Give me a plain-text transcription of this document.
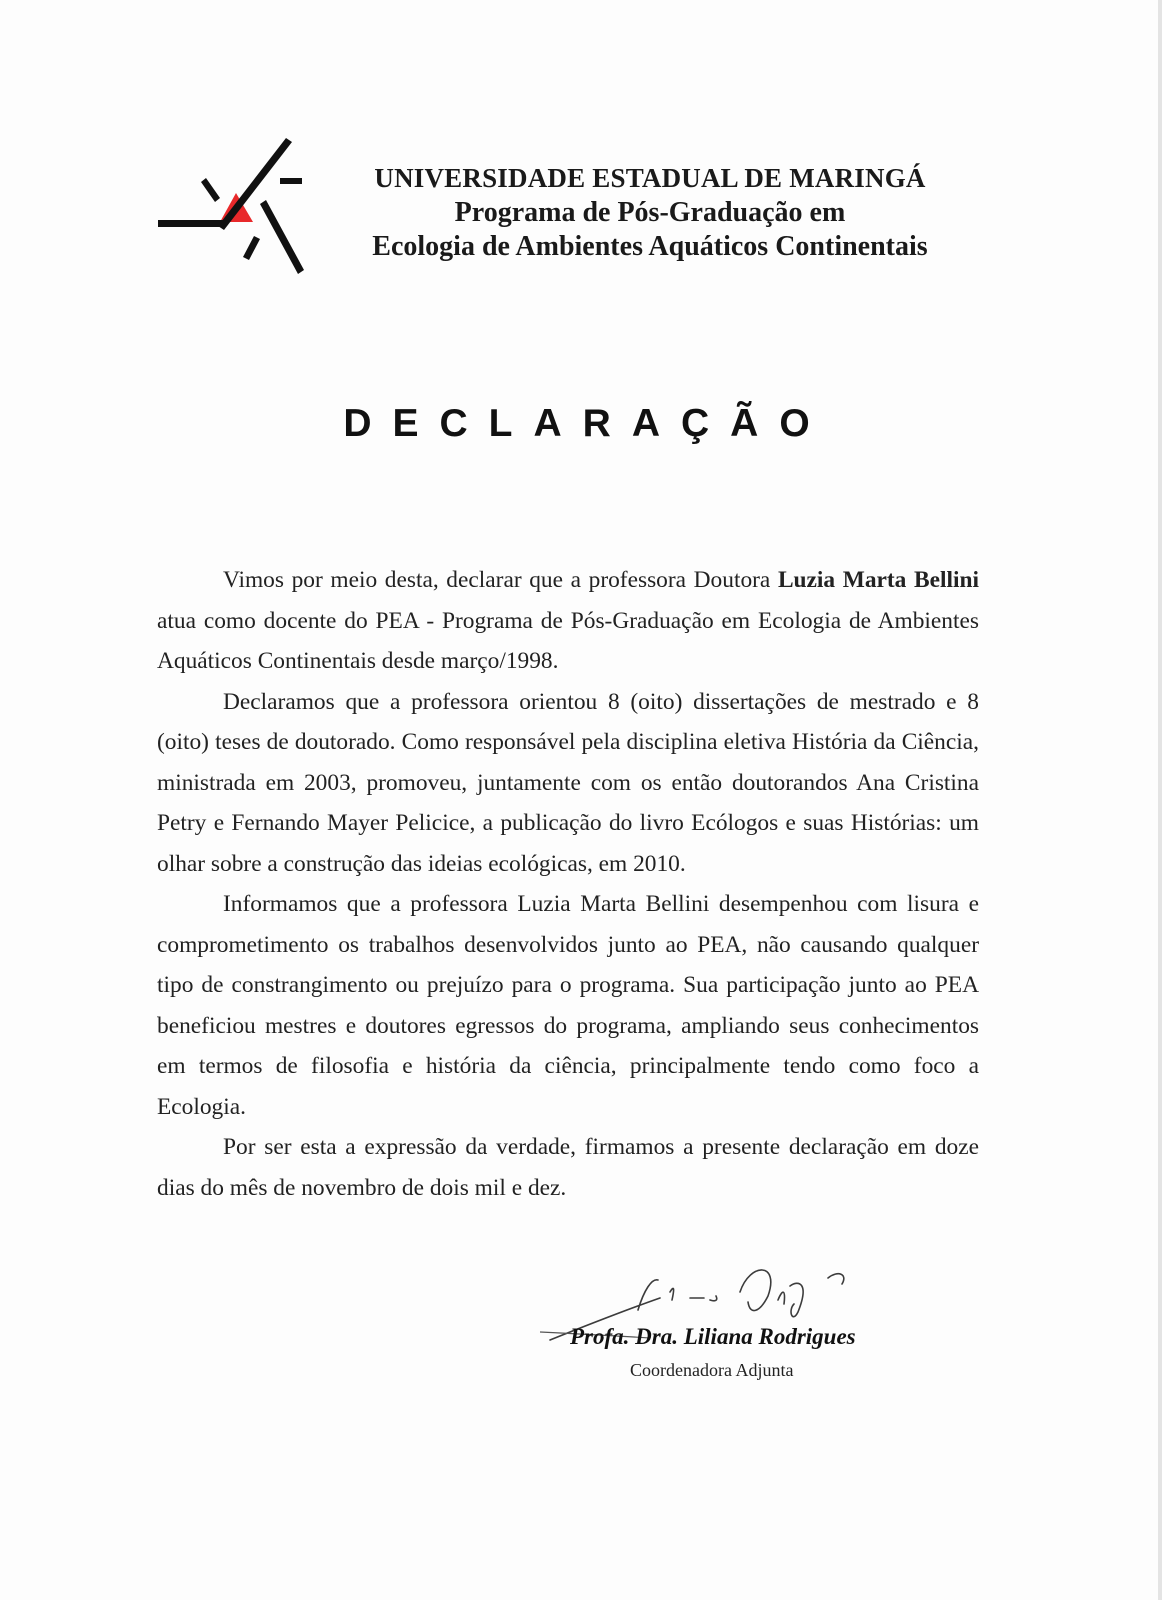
UNIVERSIDADE ESTADUAL DE MARINGÁ
Programa de Pós-Graduação em
Ecologia de Ambientes Aquáticos Continentais
DECLARAÇÃO

Vimos por meio desta, declarar que a professora Doutora Luzia Marta Bellini atua como docente do PEA - Programa de Pós-Graduação em Ecologia de Ambientes Aquáticos Continentais desde março/1998.

Declaramos que a professora orientou 8 (oito) dissertações de mestrado e 8 (oito) teses de doutorado. Como responsável pela disciplina eletiva História da Ciência, ministrada em 2003, promoveu, juntamente com os então doutorandos Ana Cristina Petry e Fernando Mayer Pelicice, a publicação do livro Ecólogos e suas Histórias: um olhar sobre a construção das ideias ecológicas, em 2010.

Informamos que a professora Luzia Marta Bellini desempenhou com lisura e comprometimento os trabalhos desenvolvidos junto ao PEA, não causando qualquer tipo de constrangimento ou prejuízo para o programa. Sua participação junto ao PEA beneficiou mestres e doutores egressos do programa, ampliando seus conhecimentos em termos de filosofia e história da ciência, principalmente tendo como foco a Ecologia.

Por ser esta a expressão da verdade, firmamos a presente declaração em doze dias do mês de novembro de dois mil e dez.

Profa. Dra. Liliana Rodrigues
Coordenadora Adjunta
